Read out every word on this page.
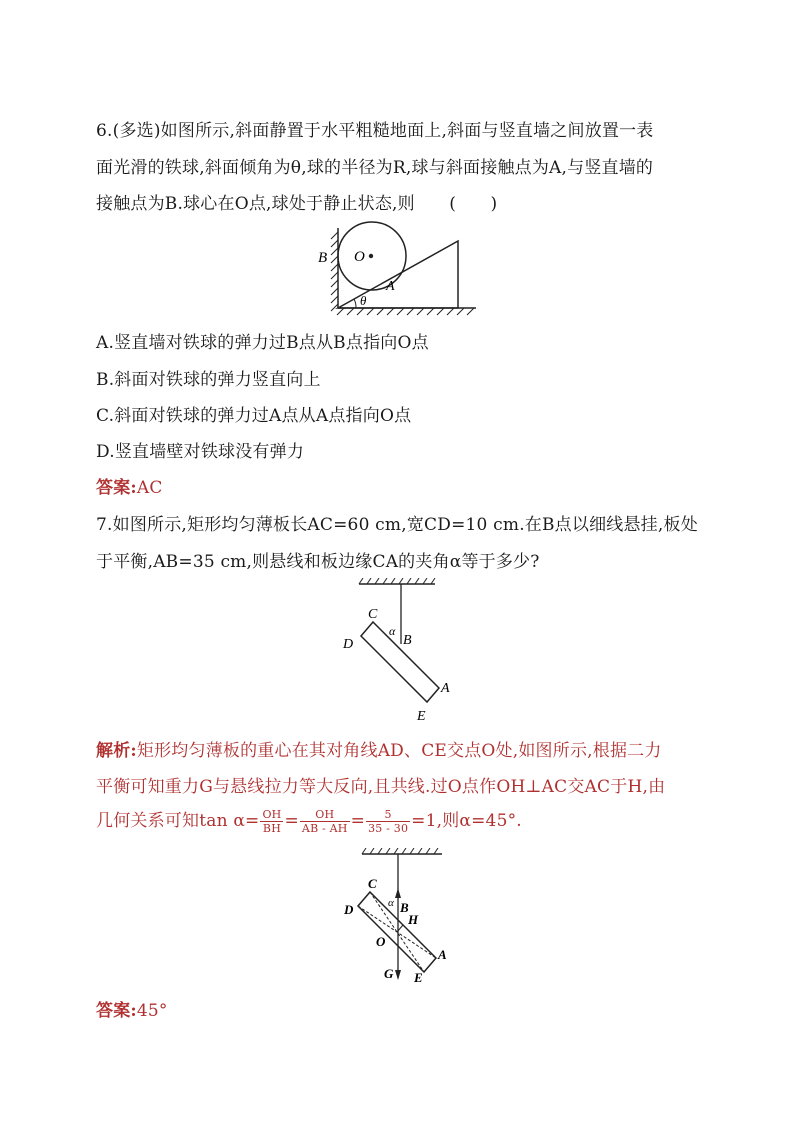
6.(多选)如图所示,斜面静置于水平粗糙地面上,斜面与竖直墙之间放置一表
面光滑的铁球,斜面倾角为θ,球的半径为R,球与斜面接触点为A,与竖直墙的
接触点为B.球心在O点,球处于静止状态,则　　(　　)
B O
A
θ
A.竖直墙对铁球的弹力过B点从B点指向O点
B.斜面对铁球的弹力竖直向上
C.斜面对铁球的弹力过A点从A点指向O点
D.竖直墙壁对铁球没有弹力
答案:AC
7.如图所示,矩形均匀薄板长AC=60 cm,宽CD=10 cm.在B点以细线悬挂,板处
于平衡,AB=35 cm,则悬线和板边缘CA的夹角α等于多少?
C
D	B
α
A
E
解析:矩形均匀薄板的重心在其对角线AD、CE交点O处,如图所示,根据二力
平衡可知重力G与悬线拉力等大反向,且共线.过O点作OH⊥AC交AC于H,由
几何关系可知$\tan \alpha= \frac{OH}{BH} = \frac{OH}{AB - AH} = \frac{5}{35 - 30} =1$,则α=45°.
C
D	B
α
H
O
A
E
G
答案:45°
